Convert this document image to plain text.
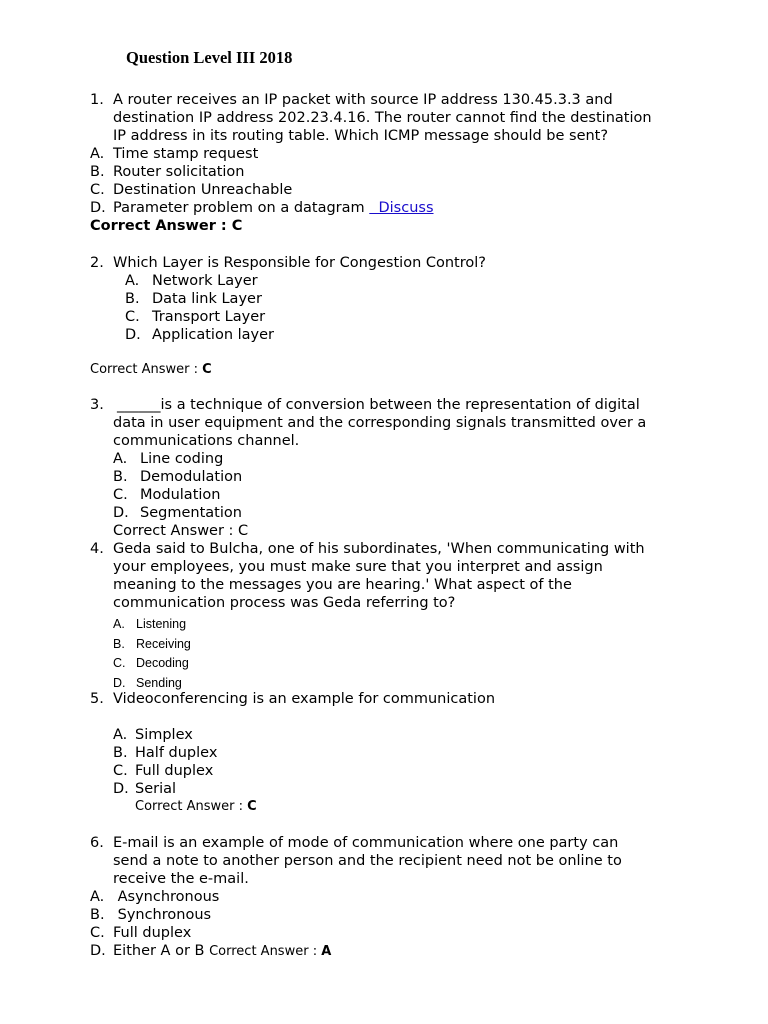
Question Level III 2018
1. A router receives an IP packet with source IP address 130.45.3.3 and
destination IP address 202.23.4.16. The router cannot find the destination
IP address in its routing table. Which ICMP message should be sent?
A. Time stamp request
B. Router solicitation
C. Destination Unreachable
D. Parameter problem on a datagram   Discuss
Correct Answer : C
2. Which Layer is Responsible for Congestion Control?
A. Network Layer
B. Data link Layer
C. Transport Layer
D. Application layer
Correct Answer : C
3. ______is a technique of conversion between the representation of digital
data in user equipment and the corresponding signals transmitted over a
communications channel.
A. Line coding
B. Demodulation
C. Modulation
D. Segmentation
Correct Answer : C
4. Geda said to Bulcha, one of his subordinates, 'When communicating with
your employees, you must make sure that you interpret and assign
meaning to the messages you are hearing.' What aspect of the
communication process was Geda referring to?
A. Listening
B. Receiving
C. Decoding
D. Sending
5. Videoconferencing is an example for communication
A. Simplex
B. Half duplex
C. Full duplex
D. Serial
Correct Answer : C
6. E-mail is an example of mode of communication where one party can
send a note to another person and the recipient need not be online to
receive the e-mail.
A. Asynchronous
B. Synchronous
C. Full duplex
D. Either A or B Correct Answer : A
